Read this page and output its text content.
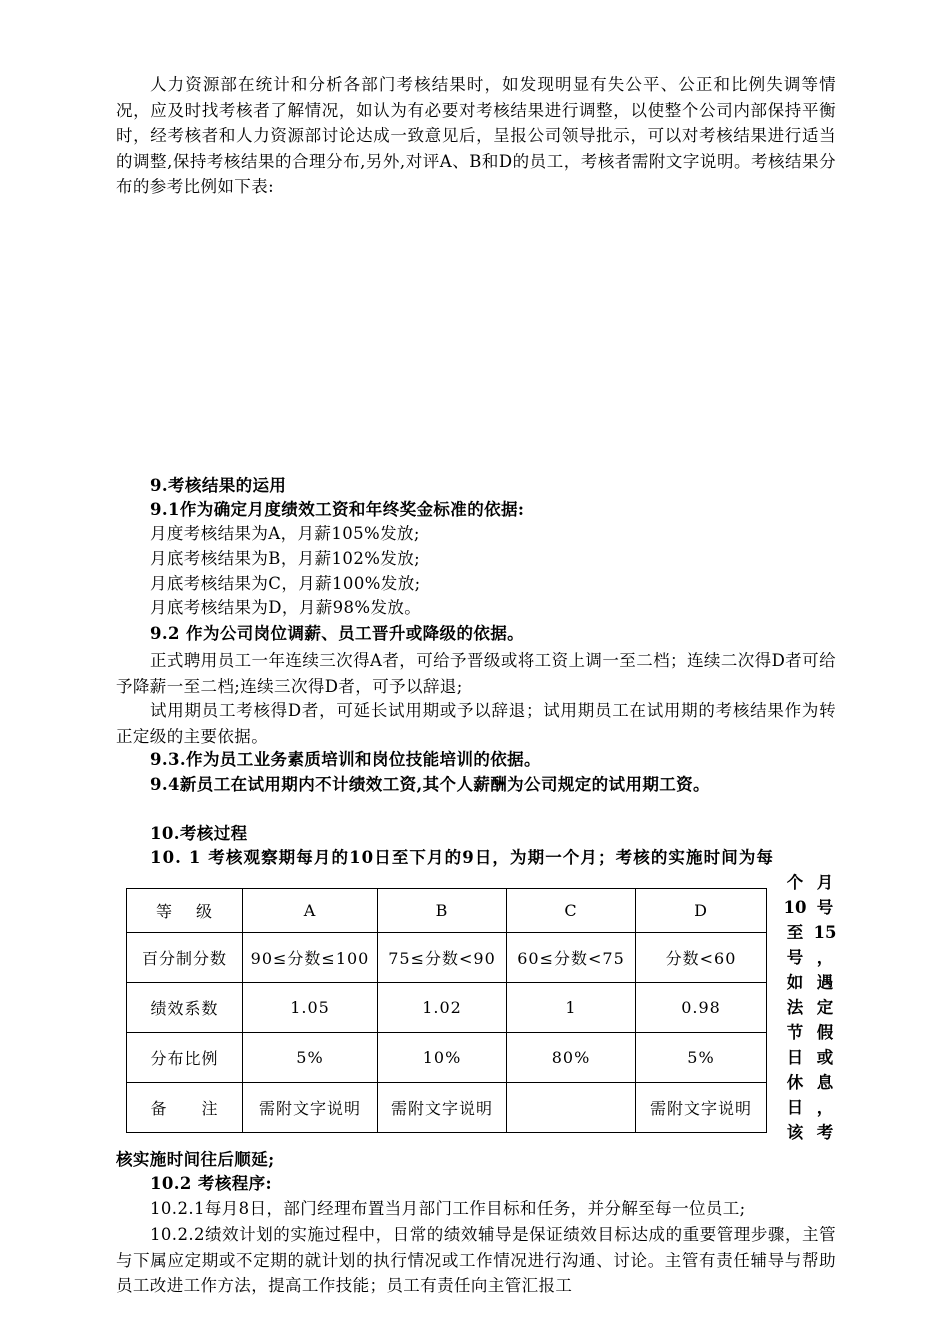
人力资源部在统计和分析各部门考核结果时，如发现明显有失公平、公正和比例失调等情况，应及时找考核者了解情况，如认为有必要对考核结果进行调整，以使整个公司内部保持平衡时，经考核者和人力资源部讨论达成一致意见后，呈报公司领导批示，可以对考核结果进行适当的调整,保持考核结果的合理分布,另外,对评A、B和D的员工，考核者需附文字说明。考核结果分布的参考比例如下表:
9.考核结果的运用
9.1作为确定月度绩效工资和年终奖金标准的依据:
月度考核结果为A，月薪105%发放;
月底考核结果为B，月薪102%发放;
月底考核结果为C，月薪100%发放;
月底考核结果为D，月薪98%发放。
9.2 作为公司岗位调薪、员工晋升或降级的依据。
正式聘用员工一年连续三次得A者，可给予晋级或将工资上调一至二档；连续二次得D者可给予降薪一至二档;连续三次得D者，可予以辞退;
试用期员工考核得D者，可延长试用期或予以辞退；试用期员工在试用期的考核结果作为转正定级的主要依据。
9.3.作为员工业务素质培训和岗位技能培训的依据。
9.4新员工在试用期内不计绩效工资,其个人薪酬为公司规定的试用期工资。
10.考核过程
10. 1 考核观察期每月的10日至下月的9日，为期一个月；考核的实施时间为每
等　 级	A	B	C	D
百分制分数	90≤分数≤100	75≤分数<90	60≤分数<75	分数<60
绩效系数	1.05	1.02	1	0.98
分布比例	5%	10%	80%	5%
备　　注	需附文字说明	需附文字说明		需附文字说明
个
10
至
号
如
法
节
日
休
日
该
月
号
15
，
遇
定
假
或
息
，
考
核实施时间往后顺延;
10.2 考核程序:
10.2.1每月8日，部门经理布置当月部门工作目标和任务，并分解至每一位员工;
10.2.2绩效计划的实施过程中，日常的绩效辅导是保证绩效目标达成的重要管理步骤，主管与下属应定期或不定期的就计划的执行情况或工作情况进行沟通、讨论。主管有责任辅导与帮助员工改进工作方法，提高工作技能；员工有责任向主管汇报工
